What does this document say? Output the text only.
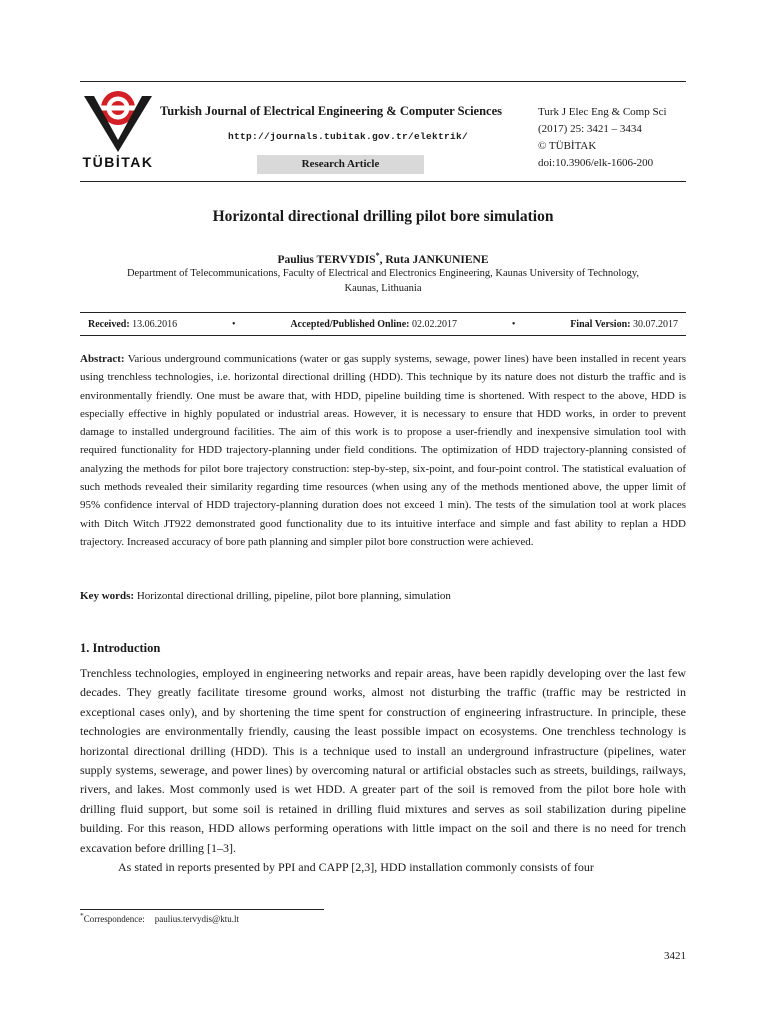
TÜBİTAK
Turkish Journal of Electrical Engineering & Computer Sciences
http://journals.tubitak.gov.tr/elektrik/
Research Article
Turk J Elec Eng & Comp Sci
(2017) 25: 3421 – 3434
© TÜBİTAK
doi:10.3906/elk-1606-200
Horizontal directional drilling pilot bore simulation
Paulius TERVYDIS*, Ruta JANKUNIENE
Department of Telecommunications, Faculty of Electrical and Electronics Engineering, Kaunas University of Technology, Kaunas, Lithuania
Received: 13.06.2016	•	Accepted/Published Online: 02.02.2017	•	Final Version: 30.07.2017
Abstract: Various underground communications (water or gas supply systems, sewage, power lines) have been installed in recent years using trenchless technologies, i.e. horizontal directional drilling (HDD). This technique by its nature does not disturb the traffic and is environmentally friendly. One must be aware that, with HDD, pipeline building time is shortened. With respect to the above, HDD is especially effective in highly populated or industrial areas. However, it is necessary to ensure that HDD works, in order to prevent damage to installed underground facilities. The aim of this work is to propose a user-friendly and inexpensive simulation tool with required functionality for HDD trajectory-planning under field conditions. The optimization of HDD trajectory-planning consisted of analyzing the methods for pilot bore trajectory construction: step-by-step, six-point, and four-point control. The statistical evaluation of such methods revealed their similarity regarding time resources (when using any of the methods mentioned above, the upper limit of 95% confidence interval of HDD trajectory-planning duration does not exceed 1 min). The tests of the simulation tool at work places with Ditch Witch JT922 demonstrated good functionality due to its intuitive interface and simple and fast ability to replan a HDD trajectory. Increased accuracy of bore path planning and simpler pilot bore construction were achieved.
Key words: Horizontal directional drilling, pipeline, pilot bore planning, simulation
1. Introduction

Trenchless technologies, employed in engineering networks and repair areas, have been rapidly developing over the last few decades. They greatly facilitate tiresome ground works, almost not disturbing the traffic (traffic may be restricted in exceptional cases only), and by shortening the time spent for construction of engineering infrastructure. In principle, these technologies are environmentally friendly, causing the least possible impact on ecosystems. One trenchless technology is horizontal directional drilling (HDD). This is a technique used to install an underground infrastructure (pipelines, water supply systems, sewerage, and power lines) by overcoming natural or artificial obstacles such as streets, buildings, railways, rivers, and lakes. Most commonly used is wet HDD. A greater part of the soil is removed from the pilot bore hole with drilling fluid support, but some soil is retained in drilling fluid mixtures and serves as soil stabilization during pipeline building. For this reason, HDD allows performing operations with little impact on the soil and there is no need for trench excavation before drilling [1–3].

As stated in reports presented by PPI and CAPP [2,3], HDD installation commonly consists of four

*Correspondence: paulius.tervydis@ktu.lt
3421
